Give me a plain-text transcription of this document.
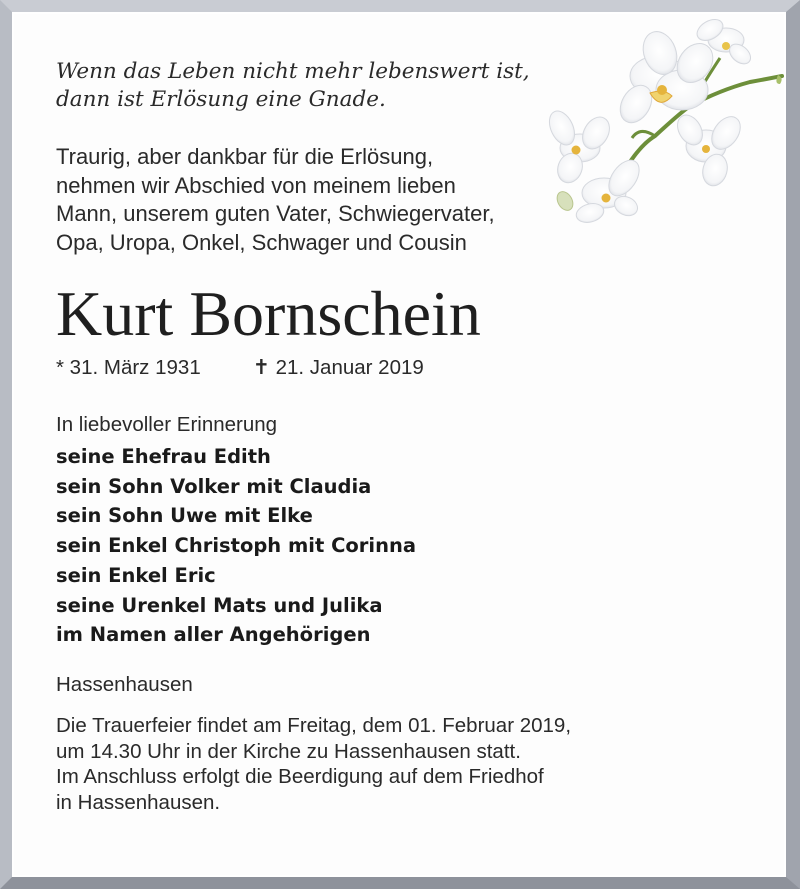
Wenn das Leben nicht mehr lebenswert ist,
dann ist Erlösung eine Gnade.

Traurig, aber dankbar für die Erlösung,
nehmen wir Abschied von meinem lieben
Mann, unserem guten Vater, Schwiegervater,
Opa, Uropa, Onkel, Schwager und Cousin

Kurt Bornschein

* 31. März 1931	✝ 21. Januar 2019

In liebevoller Erinnerung

seine Ehefrau Edith
sein Sohn Volker mit Claudia
sein Sohn Uwe mit Elke
sein Enkel Christoph mit Corinna
sein Enkel Eric
seine Urenkel Mats und Julika
im Namen aller Angehörigen

Hassenhausen

Die Trauerfeier findet am Freitag, dem 01. Februar 2019,
um 14.30 Uhr in der Kirche zu Hassenhausen statt.
Im Anschluss erfolgt die Beerdigung auf dem Friedhof
in Hassenhausen.
